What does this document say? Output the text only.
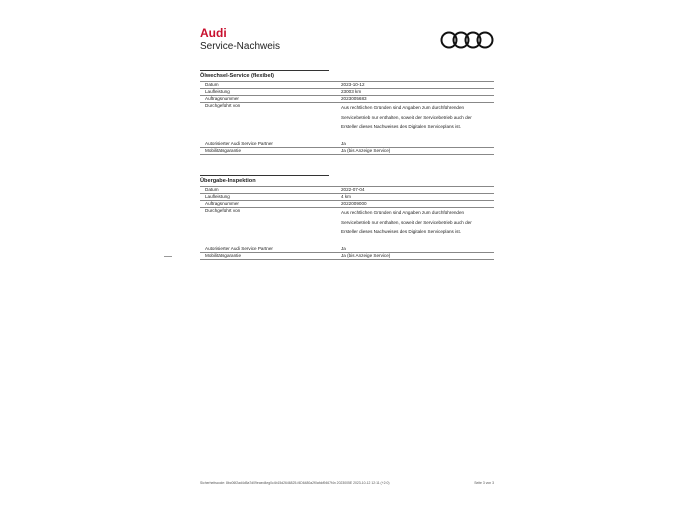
Audi
Service-Nachweis
Ölwechsel-Service (flexibel)
Datum	2023-10-12
Laufleistung	23003 km
Auftragsnummer	2023005683
Durchgeführt von	Aus rechtlichen Gründen sind Angaben zum durchführenden
Servicebetrieb nur enthalten, soweit der Servicebetrieb auch der
Ersteller dieses Nachweises des Digitalen Serviceplans ist.
Autorisierter Audi Service Partner	Ja
Mobilitätsgarantie	Ja (bis Anzeige Service)
Übergabe-Inspektion
Datum	2022-07-04
Laufleistung	4 km
Auftragsnummer	2022009000
Durchgeführt von	Aus rechtlichen Gründen sind Angaben zum durchführenden
Servicebetrieb nur enthalten, soweit der Servicebetrieb auch der
Ersteller dieses Nachweises des Digitalen Serviceplans ist.
Autorisierter Audi Service Partner	Ja
Mobilitätsgarantie	Ja (bis Anzeige Service)
Sicherheitscode: 8bc06f2ad4d5a7d09eaed4eg0c4b15d2646825-f4D6480a2f0afdd9467f4n 2023005E 2023-10-12 12:11 (+2:0)	Seite 3 von 3
